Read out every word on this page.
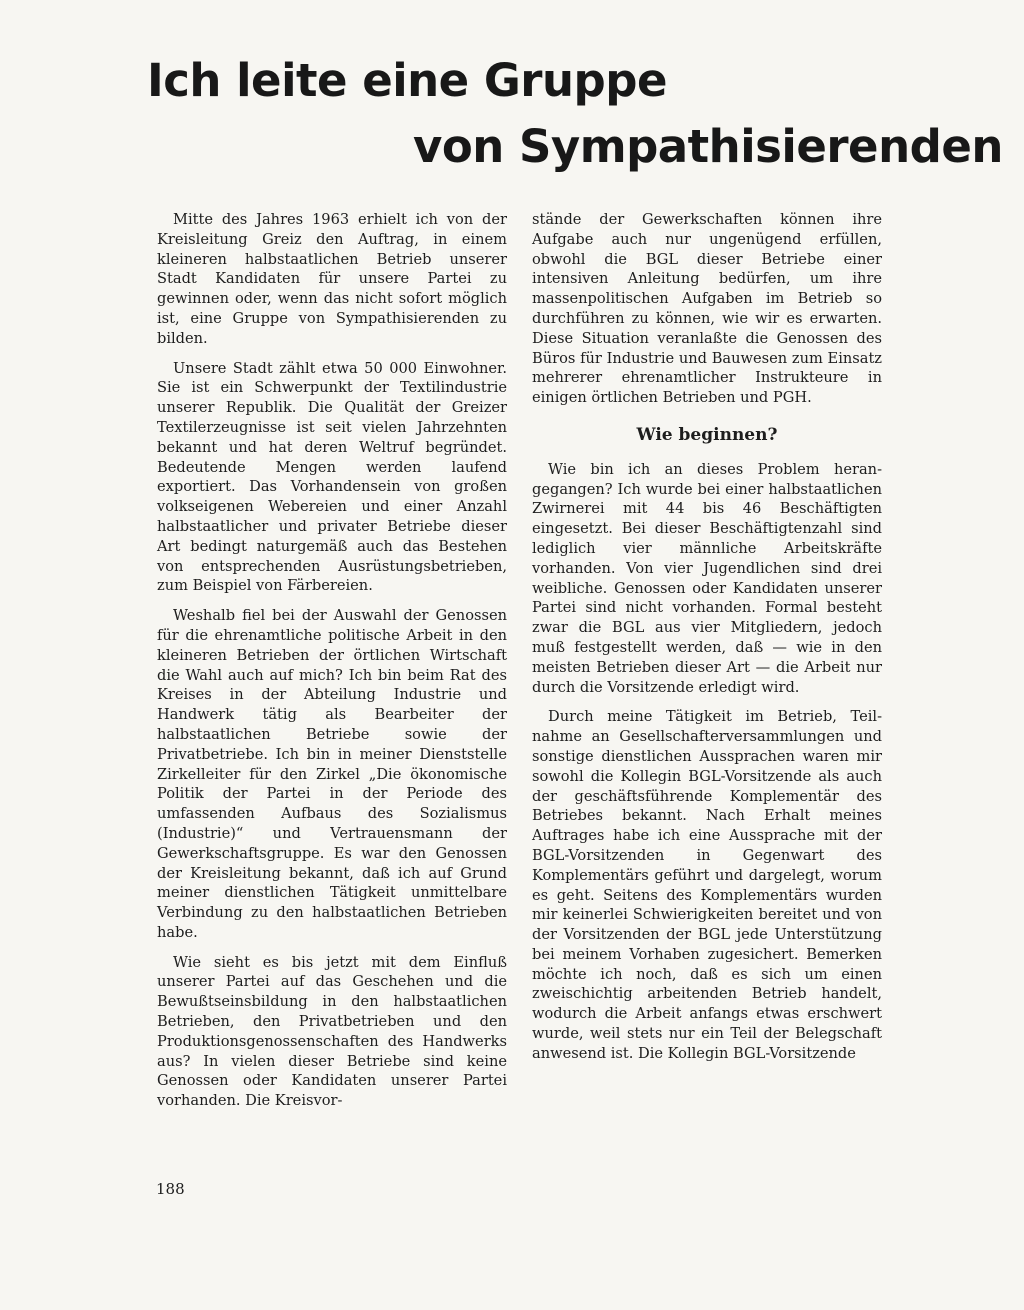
Ich leite eine Gruppe
von Sympathisierenden

Mitte des Jahres 1963 erhielt ich von der Kreisleitung Greiz den Auftrag, in einem kleineren halbstaatlichen Betrieb unserer Stadt Kandidaten für unsere Partei zu gewinnen oder, wenn das nicht sofort möglich ist, eine Gruppe von Sympathisierenden zu bilden.

Unsere Stadt zählt etwa 50 000 Einwohner. Sie ist ein Schwerpunkt der Textilindustrie unserer Republik. Die Qualität der Greizer Textilerzeugnisse ist seit vielen Jahrzehnten bekannt und hat deren Weltruf begründet. Bedeutende Mengen werden laufend exportiert. Das Vorhandensein von großen volkseigenen Webereien und einer Anzahl halbstaatlicher und privater Betriebe dieser Art bedingt naturgemäß auch das Bestehen von entsprechenden Ausrüstungsbetrieben, zum Beispiel von Färbereien.

Weshalb fiel bei der Auswahl der Genossen für die ehrenamtliche politische Arbeit in den kleineren Betrieben der örtlichen Wirtschaft die Wahl auch auf mich? Ich bin beim Rat des Kreises in der Abteilung Industrie und Handwerk tätig als Bearbeiter der halbstaatlichen Betriebe sowie der Privatbetriebe. Ich bin in meiner Dienststelle Zirkelleiter für den Zirkel „Die ökonomische Politik der Partei in der Periode des umfassenden Aufbaus des Sozialismus (Industrie)“ und Vertrauensmann der Gewerkschaftsgruppe. Es war den Genossen der Kreisleitung bekannt, daß ich auf Grund meiner dienstlichen Tätigkeit unmittelbare Verbindung zu den halbstaatlichen Betrieben habe.

Wie sieht es bis jetzt mit dem Einfluß unserer Partei auf das Geschehen und die Bewußtseinsbildung in den halbstaatlichen Betrieben, den Privatbetrieben und den Produktionsgenossenschaften des Handwerks aus? In vielen dieser Betriebe sind keine Genossen oder Kandidaten unserer Partei vorhanden. Die Kreisvor-

stände der Gewerkschaften können ihre Aufgabe auch nur ungenügend erfüllen, obwohl die BGL dieser Betriebe einer intensiven Anleitung bedürfen, um ihre massenpolitischen Aufgaben im Betrieb so durchführen zu können, wie wir es erwarten. Diese Situation veranlaßte die Genossen des Büros für Industrie und Bauwesen zum Einsatz mehrerer ehrenamtlicher Instrukteure in einigen örtlichen Betrieben und PGH.

Wie beginnen?

Wie bin ich an dieses Problem herangegangen? Ich wurde bei einer halbstaatlichen Zwirnerei mit 44 bis 46 Beschäftigten eingesetzt. Bei dieser Beschäftigtenzahl sind lediglich vier männliche Arbeitskräfte vorhanden. Von vier Jugendlichen sind drei weibliche. Genossen oder Kandidaten unserer Partei sind nicht vorhanden. Formal besteht zwar die BGL aus vier Mitgliedern, jedoch muß festgestellt werden, daß — wie in den meisten Betrieben dieser Art — die Arbeit nur durch die Vorsitzende erledigt wird.

Durch meine Tätigkeit im Betrieb, Teilnahme an Gesellschafterversammlungen und sonstige dienstlichen Aussprachen waren mir sowohl die Kollegin BGL-Vorsitzende als auch der geschäftsführende Komplementär des Betriebes bekannt. Nach Erhalt meines Auftrages habe ich eine Aussprache mit der BGL-Vorsitzenden in Gegenwart des Komplementärs geführt und dargelegt, worum es geht. Seitens des Komplementärs wurden mir keinerlei Schwierigkeiten bereitet und von der Vorsitzenden der BGL jede Unterstützung bei meinem Vorhaben zugesichert. Bemerken möchte ich noch, daß es sich um einen zweischichtig arbeitenden Betrieb handelt, wodurch die Arbeit anfangs etwas erschwert wurde, weil stets nur ein Teil der Belegschaft anwesend ist. Die Kollegin BGL-Vorsitzende

188
